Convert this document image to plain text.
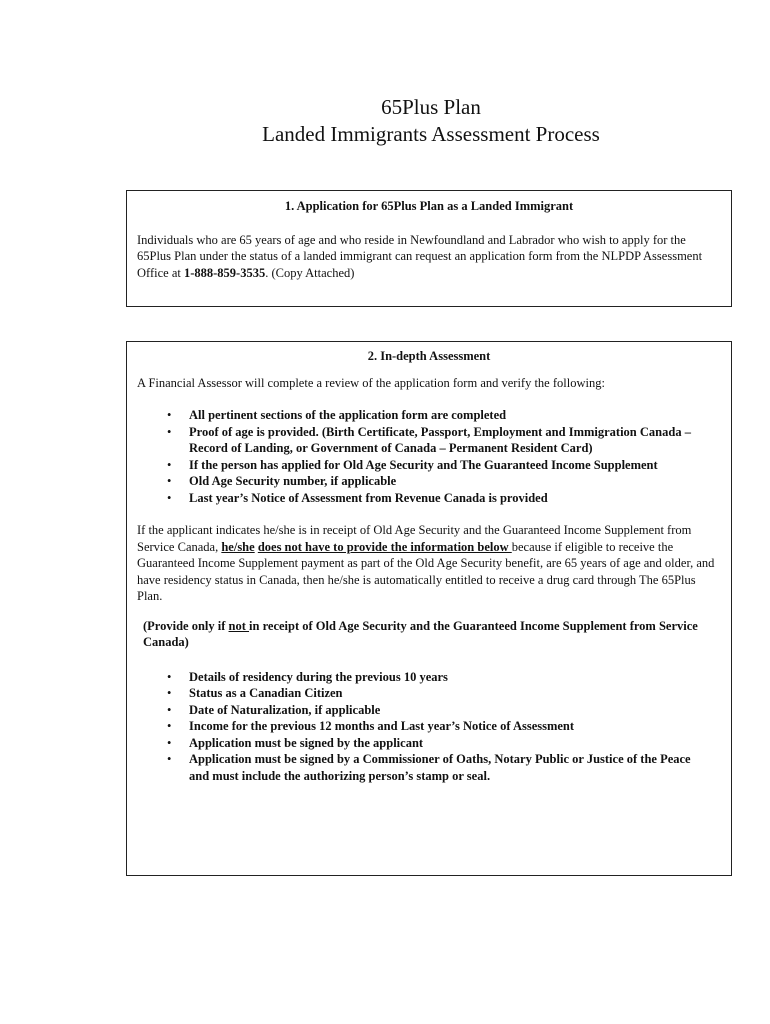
65Plus Plan
Landed Immigrants Assessment Process
1. Application for 65Plus Plan as a Landed Immigrant

Individuals who are 65 years of age and who reside in Newfoundland and Labrador who wish to apply for the 65Plus Plan under the status of a landed immigrant can request an application form from the NLPDP Assessment Office at 1-888-859-3535. (Copy Attached)

2. In-depth Assessment

A Financial Assessor will complete a review of the application form and verify the following:

• All pertinent sections of the application form are completed
• Proof of age is provided. (Birth Certificate, Passport, Employment and Immigration Canada – Record of Landing, or Government of Canada – Permanent Resident Card)
• If the person has applied for Old Age Security and The Guaranteed Income Supplement
• Old Age Security number, if applicable
• Last year’s Notice of Assessment from Revenue Canada is provided

If the applicant indicates he/she is in receipt of Old Age Security and the Guaranteed Income Supplement from Service Canada, he/she does not have to provide the information below because if eligible to receive the Guaranteed Income Supplement payment as part of the Old Age Security benefit, are 65 years of age and older, and have residency status in Canada, then he/she is automatically entitled to receive a drug card through The 65Plus Plan.

(Provide only if not in receipt of Old Age Security and the Guaranteed Income Supplement from Service Canada)

• Details of residency during the previous 10 years
• Status as a Canadian Citizen
• Date of Naturalization, if applicable
• Income for the previous 12 months and Last year’s Notice of Assessment
• Application must be signed by the applicant
• Application must be signed by a Commissioner of Oaths, Notary Public or Justice of the Peace and must include the authorizing person’s stamp or seal.
